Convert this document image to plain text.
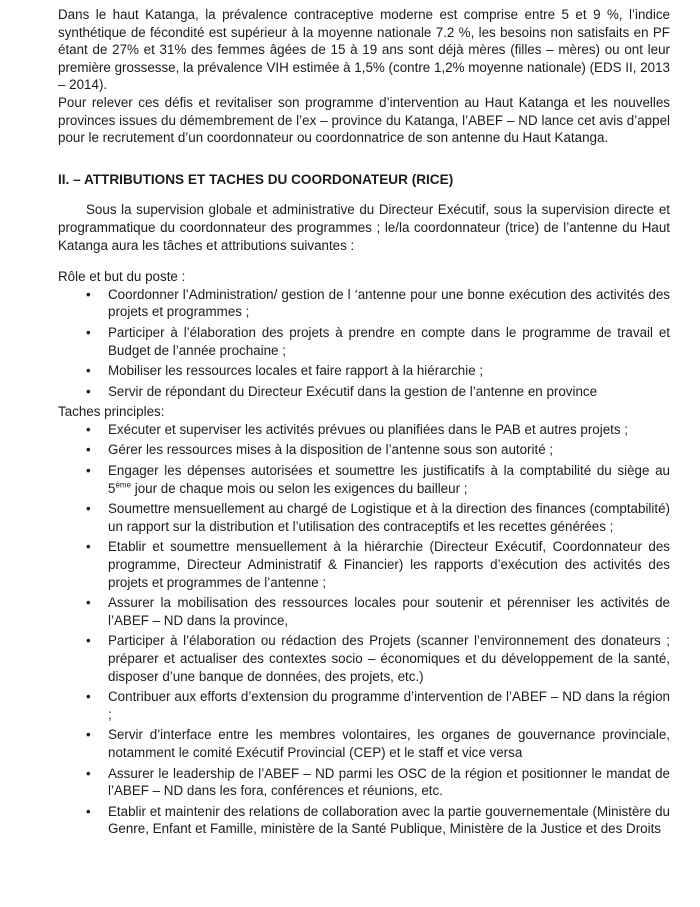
Dans le haut Katanga, la prévalence contraceptive moderne est comprise entre 5 et 9 %, l’indice synthétique de fécondité est supérieur à la moyenne nationale 7.2 %, les besoins non satisfaits en PF étant de 27% et 31% des femmes âgées de 15 à 19 ans sont déjà mères (filles – mères) ou ont leur première grossesse, la prévalence VIH estimée à 1,5% (contre 1,2% moyenne nationale) (EDS II, 2013 – 2014).

Pour relever ces défis et revitaliser son programme d’intervention au Haut Katanga et les nouvelles provinces issues du démembrement de l’ex – province du Katanga, l’ABEF – ND lance cet avis d’appel pour le recrutement d’un coordonnateur ou coordonnatrice de son antenne du Haut Katanga.

II. – ATTRIBUTIONS ET TACHES DU COORDONATEUR (RICE)

Sous la supervision globale et administrative du Directeur Exécutif, sous la supervision directe et programmatique du coordonnateur des programmes ; le/la coordonnateur (trice) de l’antenne du Haut Katanga aura les tâches et attributions suivantes :

Rôle et but du poste :

• Coordonner l’Administration/ gestion de l ‘antenne pour une bonne exécution des activités des projets et programmes ;
• Participer à l’élaboration des projets à prendre en compte dans le programme de travail et Budget de l’année prochaine ;
• Mobiliser les ressources locales et faire rapport à la hiérarchie ;
• Servir de répondant du Directeur Exécutif dans la gestion de l’antenne en province

Taches principles:

• Exécuter et superviser les activités prévues ou planifiées dans le PAB et autres projets ;
• Gérer les ressources mises à la disposition de l’antenne sous son autorité ;
• Engager les dépenses autorisées et soumettre les justificatifs à la comptabilité du siège au 5ème jour de chaque mois ou selon les exigences du bailleur ;
• Soumettre mensuellement au chargé de Logistique et à la direction des finances (comptabilité) un rapport sur la distribution et l’utilisation des contraceptifs et les recettes générées ;
• Etablir et soumettre mensuellement à la hiérarchie (Directeur Exécutif, Coordonnateur des programme, Directeur Administratif & Financier) les rapports d’exécution des activités des projets et programmes de l’antenne ;
• Assurer la mobilisation des ressources locales pour soutenir et pérenniser les activités de l’ABEF – ND dans la province,
• Participer à l’élaboration ou rédaction des Projets (scanner l’environnement des donateurs ; préparer et actualiser des contextes socio – économiques et du développement de la santé, disposer d’une banque de données, des projets, etc.)
• Contribuer aux efforts d’extension du programme d’intervention de l’ABEF – ND dans la région ;
• Servir d’interface entre les membres volontaires, les organes de gouvernance provinciale, notamment le comité Exécutif Provincial (CEP) et le staff et vice versa
• Assurer le leadership de l’ABEF – ND parmi les OSC de la région et positionner le mandat de l’ABEF – ND dans les fora, conférences et réunions, etc.
• Etablir et maintenir des relations de collaboration avec la partie gouvernementale (Ministère du Genre, Enfant et Famille, ministère de la Santé Publique, Ministère de la Justice et des Droits
